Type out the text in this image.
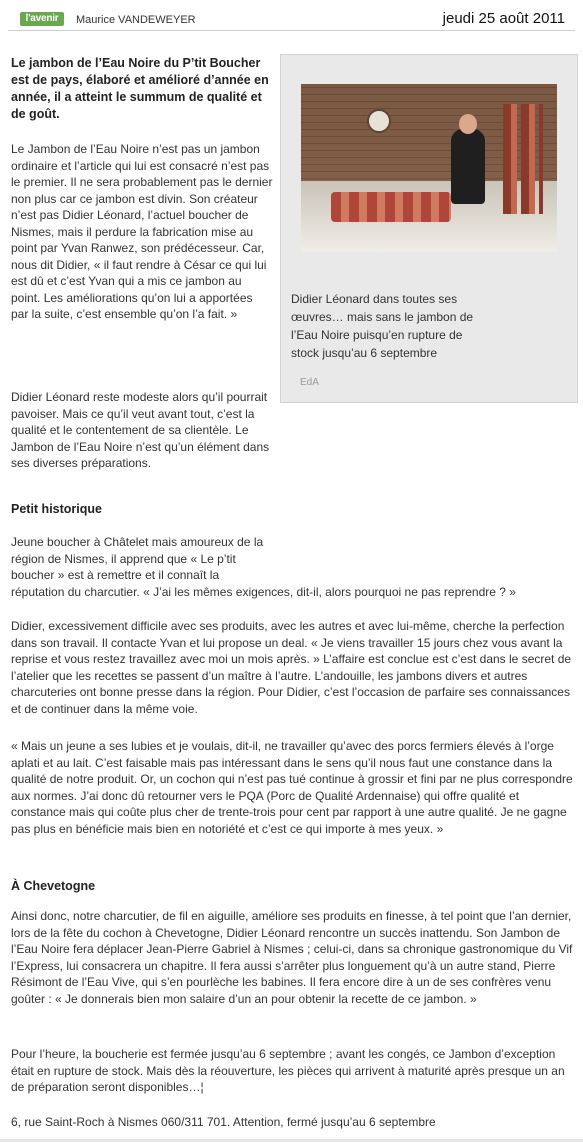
l'avenir	Maurice VANDEWEYER	jeudi 25 août 2011
Le jambon de l’Eau Noire du P’tit Boucher est de pays, élaboré et amélioré d’année en année, il a atteint le summum de qualité et de goût.
Le Jambon de l’Eau Noire n’est pas un jambon ordinaire et l’article qui lui est consacré n’est pas le premier. Il ne sera probablement pas le dernier non plus car ce jambon est divin. Son créateur n’est pas Didier Léonard, l’actuel boucher de Nismes, mais il perdure la fabrication mise au point par Yvan Ranwez, son prédécesseur. Car, nous dit Didier, « il faut rendre à César ce qui lui est dû et c’est Yvan qui a mis ce jambon au point. Les améliorations qu’on lui a apportées par la suite, c’est ensemble qu’on l’a fait. »
Didier Léonard dans toutes ses œuvres… mais sans le jambon de l’Eau Noire puisqu’en rupture de stock jusqu’au 6 septembre
EdA
Didier Léonard reste modeste alors qu’il pourrait pavoiser. Mais ce qu’il veut avant tout, c’est la qualité et le contentement de sa clientèle. Le Jambon de l’Eau Noire n’est qu’un élément dans ses diverses préparations.
Petit historique
Jeune boucher à Châtelet mais amoureux de la région de Nismes, il apprend que « Le p’tit boucher » est à remettre et il connaît la réputation du charcutier. « J’ai les mêmes exigences, dit-il, alors pourquoi ne pas reprendre ? »
Didier, excessivement difficile avec ses produits, avec les autres et avec lui-même, cherche la perfection dans son travail. Il contacte Yvan et lui propose un deal. « Je viens travailler 15 jours chez vous avant la reprise et vous restez travaillez avec moi un mois après. » L’affaire est conclue est c’est dans le secret de l’atelier que les recettes se passent d’un maître à l’autre. L’andouille, les jambons divers et autres charcuteries ont bonne presse dans la région. Pour Didier, c’est l’occasion de parfaire ses connaissances et de continuer dans la même voie.
« Mais un jeune a ses lubies et je voulais, dit-il, ne travailler qu’avec des porcs fermiers élevés à l’orge aplati et au lait. C’est faisable mais pas intéressant dans le sens qu’il nous faut une constance dans la qualité de notre produit. Or, un cochon qui n’est pas tué continue à grossir et fini par ne plus correspondre aux normes. J’ai donc dû retourner vers le PQA (Porc de Qualité Ardennaise) qui offre qualité et constance mais qui coûte plus cher de trente-trois pour cent par rapport à une autre qualité. Je ne gagne pas plus en bénéficie mais bien en notoriété et c’est ce qui importe à mes yeux. »
À Chevetogne
Ainsi donc, notre charcutier, de fil en aiguille, améliore ses produits en finesse, à tel point que l’an dernier, lors de la fête du cochon à Chevetogne, Didier Léonard rencontre un succès inattendu. Son Jambon de l’Eau Noire fera déplacer Jean-Pierre Gabriel à Nismes ; celui-ci, dans sa chronique gastronomique du Vif l’Express, lui consacrera un chapitre. Il fera aussi s’arrêter plus longuement qu’à un autre stand, Pierre Résimont de l’Eau Vive, qui s’en pourlèche les babines. Il fera encore dire à un de ses confrères venu goûter : « Je donnerais bien mon salaire d’un an pour obtenir la recette de ce jambon. »
Pour l’heure, la boucherie est fermée jusqu’au 6 septembre ; avant les congés, ce Jambon d’exception était en rupture de stock. Mais dès la réouverture, les pièces qui arrivent à maturité après presque un an de préparation seront disponibles…¦
6, rue Saint-Roch à Nismes 060/311 701. Attention, fermé jusqu’au 6 septembre
